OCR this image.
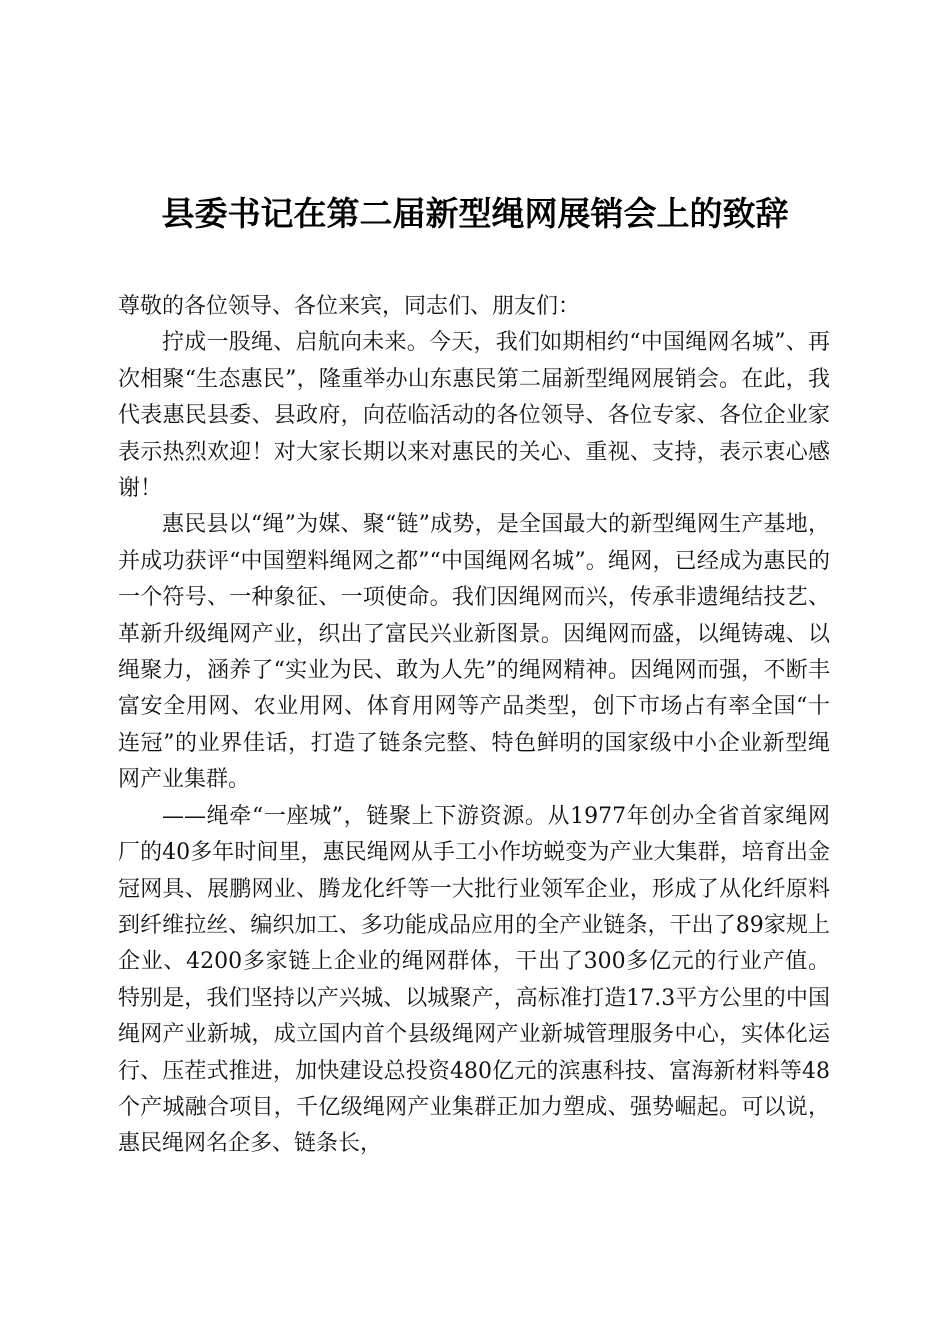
县委书记在第二届新型绳网展销会上的致辞

尊敬的各位领导、各位来宾，同志们、朋友们：

拧成一股绳、启航向未来。今天，我们如期相约“中国绳网名城”、再次相聚“生态惠民”，隆重举办山东惠民第二届新型绳网展销会。在此，我代表惠民县委、县政府，向莅临活动的各位领导、各位专家、各位企业家表示热烈欢迎！对大家长期以来对惠民的关心、重视、支持，表示衷心感谢！

惠民县以“绳”为媒、聚“链”成势，是全国最大的新型绳网生产基地，并成功获评“中国塑料绳网之都”“中国绳网名城”。绳网，已经成为惠民的一个符号、一种象征、一项使命。我们因绳网而兴，传承非遗绳结技艺、革新升级绳网产业，织出了富民兴业新图景。因绳网而盛，以绳铸魂、以绳聚力，涵养了“实业为民、敢为人先”的绳网精神。因绳网而强，不断丰富安全用网、农业用网、体育用网等产品类型，创下市场占有率全国“十连冠”的业界佳话，打造了链条完整、特色鲜明的国家级中小企业新型绳网产业集群。

——绳牵“一座城”，链聚上下游资源。从1977年创办全省首家绳网厂的40多年时间里，惠民绳网从手工小作坊蜕变为产业大集群，培育出金冠网具、展鹏网业、腾龙化纤等一大批行业领军企业，形成了从化纤原料到纤维拉丝、编织加工、多功能成品应用的全产业链条，干出了89家规上企业、4200多家链上企业的绳网群体，干出了300多亿元的行业产值。特别是，我们坚持以产兴城、以城聚产，高标准打造17.3平方公里的中国绳网产业新城，成立国内首个县级绳网产业新城管理服务中心，实体化运行、压茬式推进，加快建设总投资480亿元的滨惠科技、富海新材料等48个产城融合项目，千亿级绳网产业集群正加力塑成、强势崛起。可以说，惠民绳网名企多、链条长，
